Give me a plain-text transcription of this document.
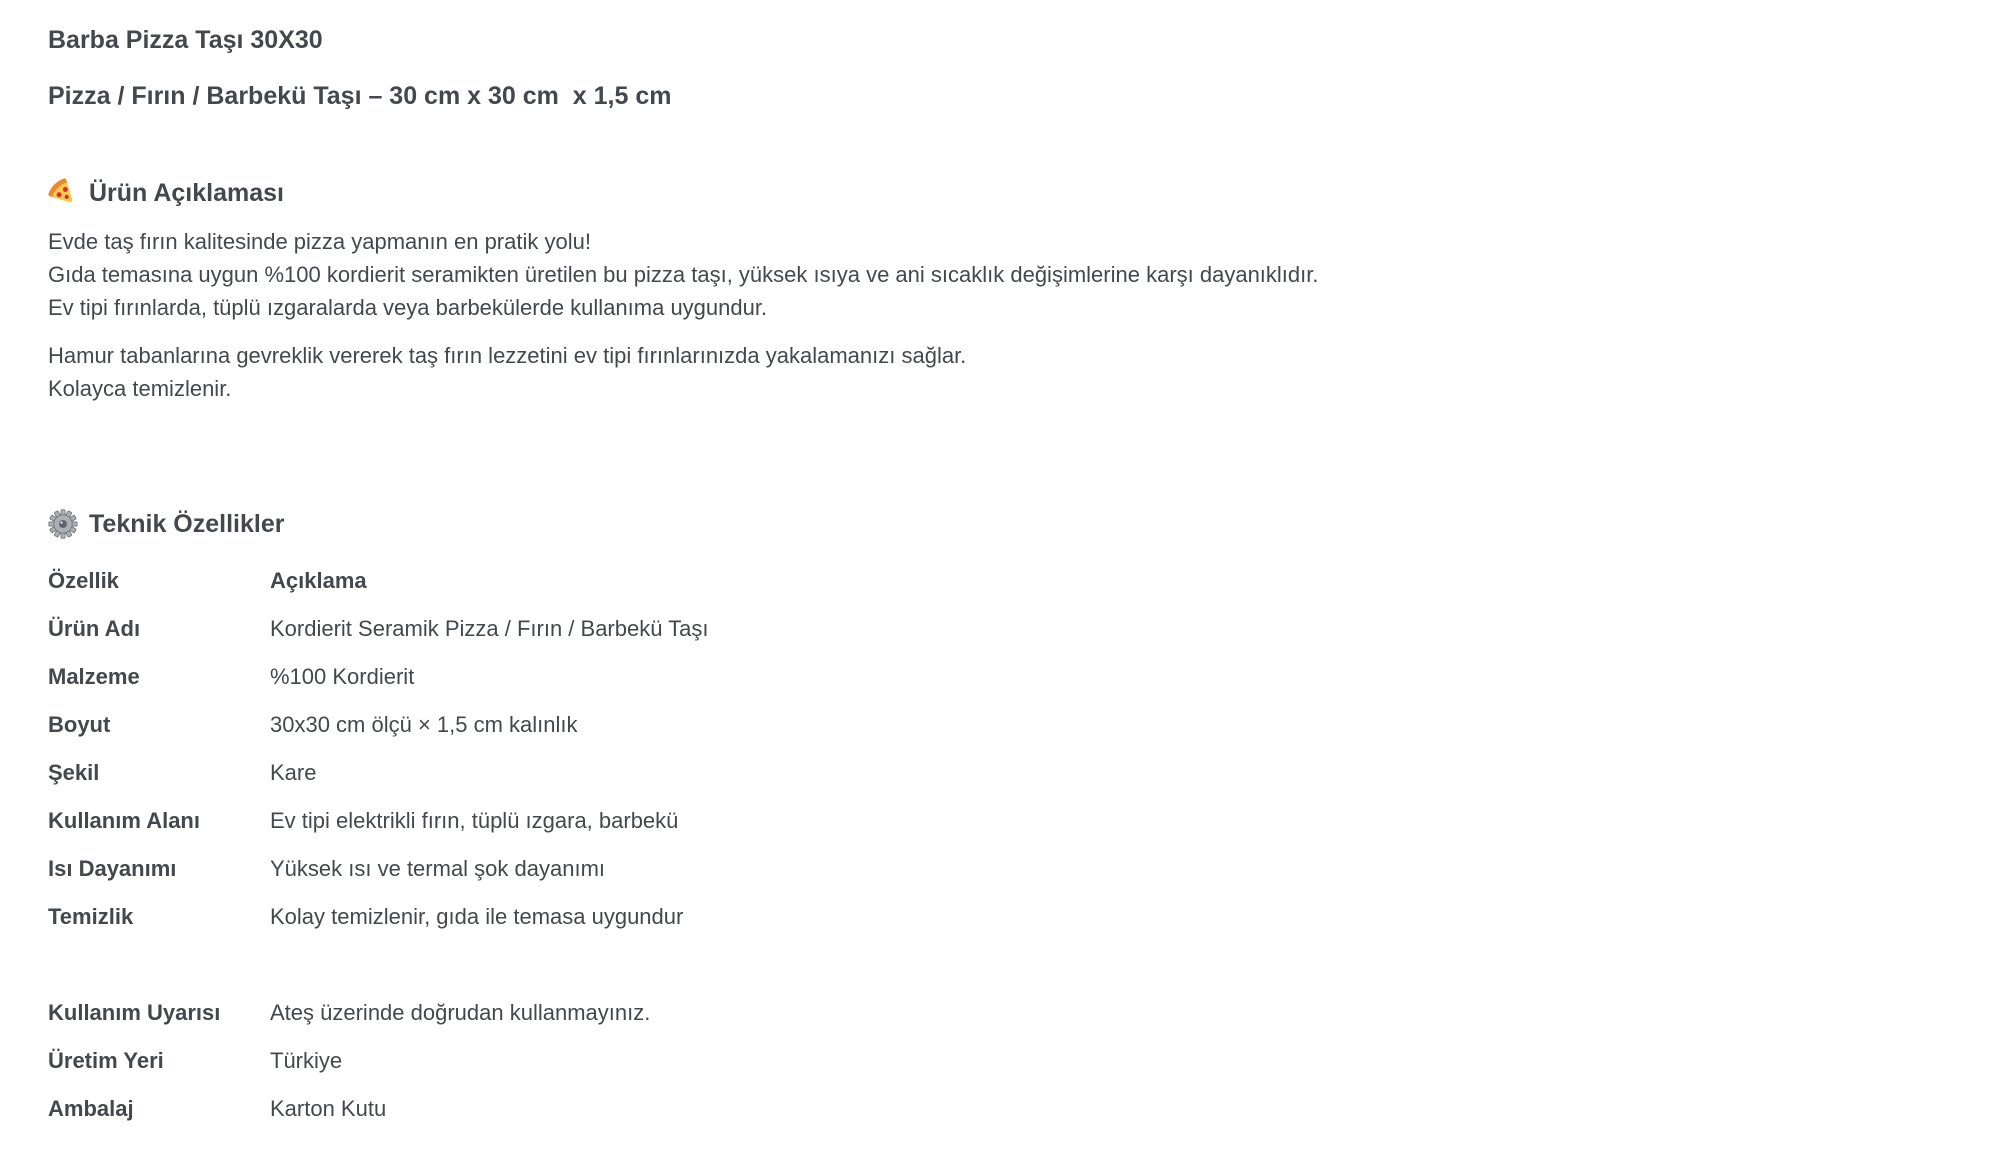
Barba Pizza Taşı 30X30
Pizza / Fırın / Barbekü Taşı – 30 cm x 30 cm  x 1,5 cm
Ürün Açıklaması

Evde taş fırın kalitesinde pizza yapmanın en pratik yolu!

Gıda temasına uygun %100 kordierit seramikten üretilen bu pizza taşı, yüksek ısıya ve ani sıcaklık değişimlerine karşı dayanıklıdır.

Ev tipi fırınlarda, tüplü ızgaralarda veya barbekülerde kullanıma uygundur.

Hamur tabanlarına gevreklik vererek taş fırın lezzetini ev tipi fırınlarınızda yakalamanızı sağlar.

Kolayca temizlenir.

Teknik Özellikler
Özellik	Açıklama
Ürün Adı	Kordierit Seramik Pizza / Fırın / Barbekü Taşı
Malzeme	%100 Kordierit
Boyut	30x30 cm ölçü × 1,5 cm kalınlık
Şekil	Kare
Kullanım Alanı	Ev tipi elektrikli fırın, tüplü ızgara, barbekü
Isı Dayanımı	Yüksek ısı ve termal şok dayanımı
Temizlik	Kolay temizlenir, gıda ile temasa uygundur
Kullanım Uyarısı	Ateş üzerinde doğrudan kullanmayınız.
Üretim Yeri	Türkiye
Ambalaj	Karton Kutu
